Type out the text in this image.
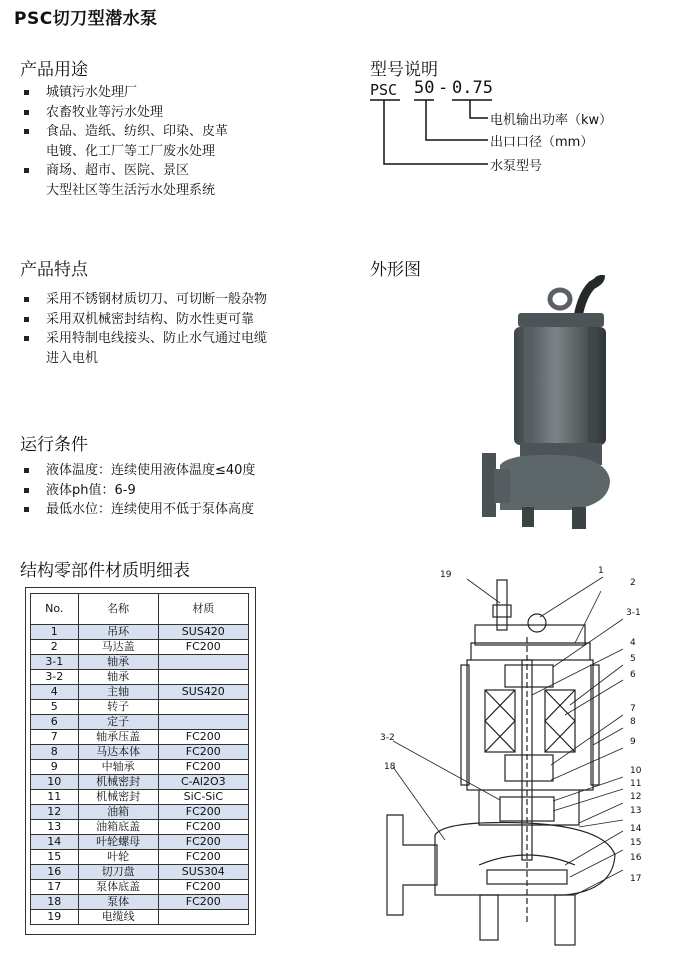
PSC切刀型潜水泵
产品用途
城镇污水处理厂
农畜牧业等污水处理
食品、造纸、纺织、印染、皮革
电镀、化工厂等工厂废水处理
商场、超市、医院、景区
大型社区等生活污水处理系统
型号说明
PSC 50 - 0.75
电机输出功率（kw）
出口口径（mm）
水泵型号
产品特点
采用不锈钢材质切刀、可切断一般杂物
采用双机械密封结构、防水性更可靠
采用特制电线接头、防止水气通过电缆
进入电机
外形图
运行条件
液体温度：连续使用液体温度≤40度
液体ph值：6-9
最低水位：连续使用不低于泵体高度
结构零部件材质明细表
No.	名称	材质
1	吊环	SUS420
2	马达盖	FC200
3-1	轴承	
3-2	轴承	
4	主轴	SUS420
5	转子	
6	定子	
7	轴承压盖	FC200
8	马达本体	FC200
9	中轴承	FC200
10	机械密封	C-Al2O3
11	机械密封	SiC-SiC
12	油箱	FC200
13	油箱底盖	FC200
14	叶轮螺母	FC200
15	叶轮	FC200
16	切刀盘	SUS304
17	泵体底盖	FC200
18	泵体	FC200
19	电缆线	
19
3-2
18
1
2
3-1
4
5
6
7
8
9
10
11
12
13
14
15
16
17
